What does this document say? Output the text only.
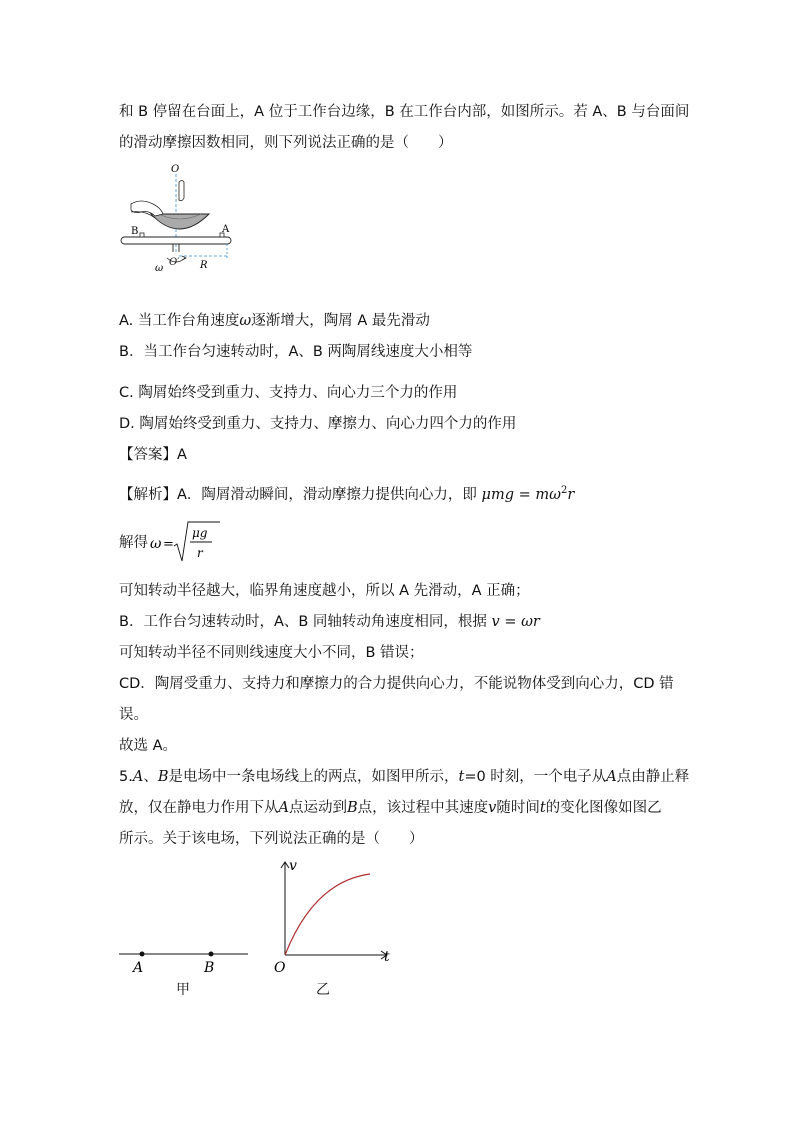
和 B 停留在台面上，A 位于工作台边缘，B 在工作台内部，如图所示。若 A、B 与台面间
的滑动摩擦因数相同，则下列说法正确的是（　　）
O
B	A
R
ω
O′
A. 当工作台角速度ω逐渐增大，陶屑 A 最先滑动
B．当工作台匀速转动时，A、B 两陶屑线速度大小相等
C. 陶屑始终受到重力、支持力、向心力三个力的作用
D. 陶屑始终受到重力、支持力、摩擦力、向心力四个力的作用
【答案】A
【解析】A．陶屑滑动瞬间，滑动摩擦力提供向心力，即 $\mu mg = m\omega^2r$
解得 ω =
μg
r
可知转动半径越大，临界角速度越小，所以 A 先滑动，A 正确；
B．工作台匀速转动时，A、B 同轴转动角速度相同，根据 v = ωr
可知转动半径不同则线速度大小不同，B 错误；
CD．陶屑受重力、支持力和摩擦力的合力提供向心力，不能说物体受到向心力，CD 错
误。
故选 A。
5.A、B是电场中一条电场线上的两点，如图甲所示，t=0 时刻，一个电子从A点由静止释
放，仅在静电力作用下从A点运动到B点，该过程中其速度v随时间t的变化图像如图乙
所示。关于该电场，下列说法正确的是（　　）
A	B
甲
v
t
O
乙
